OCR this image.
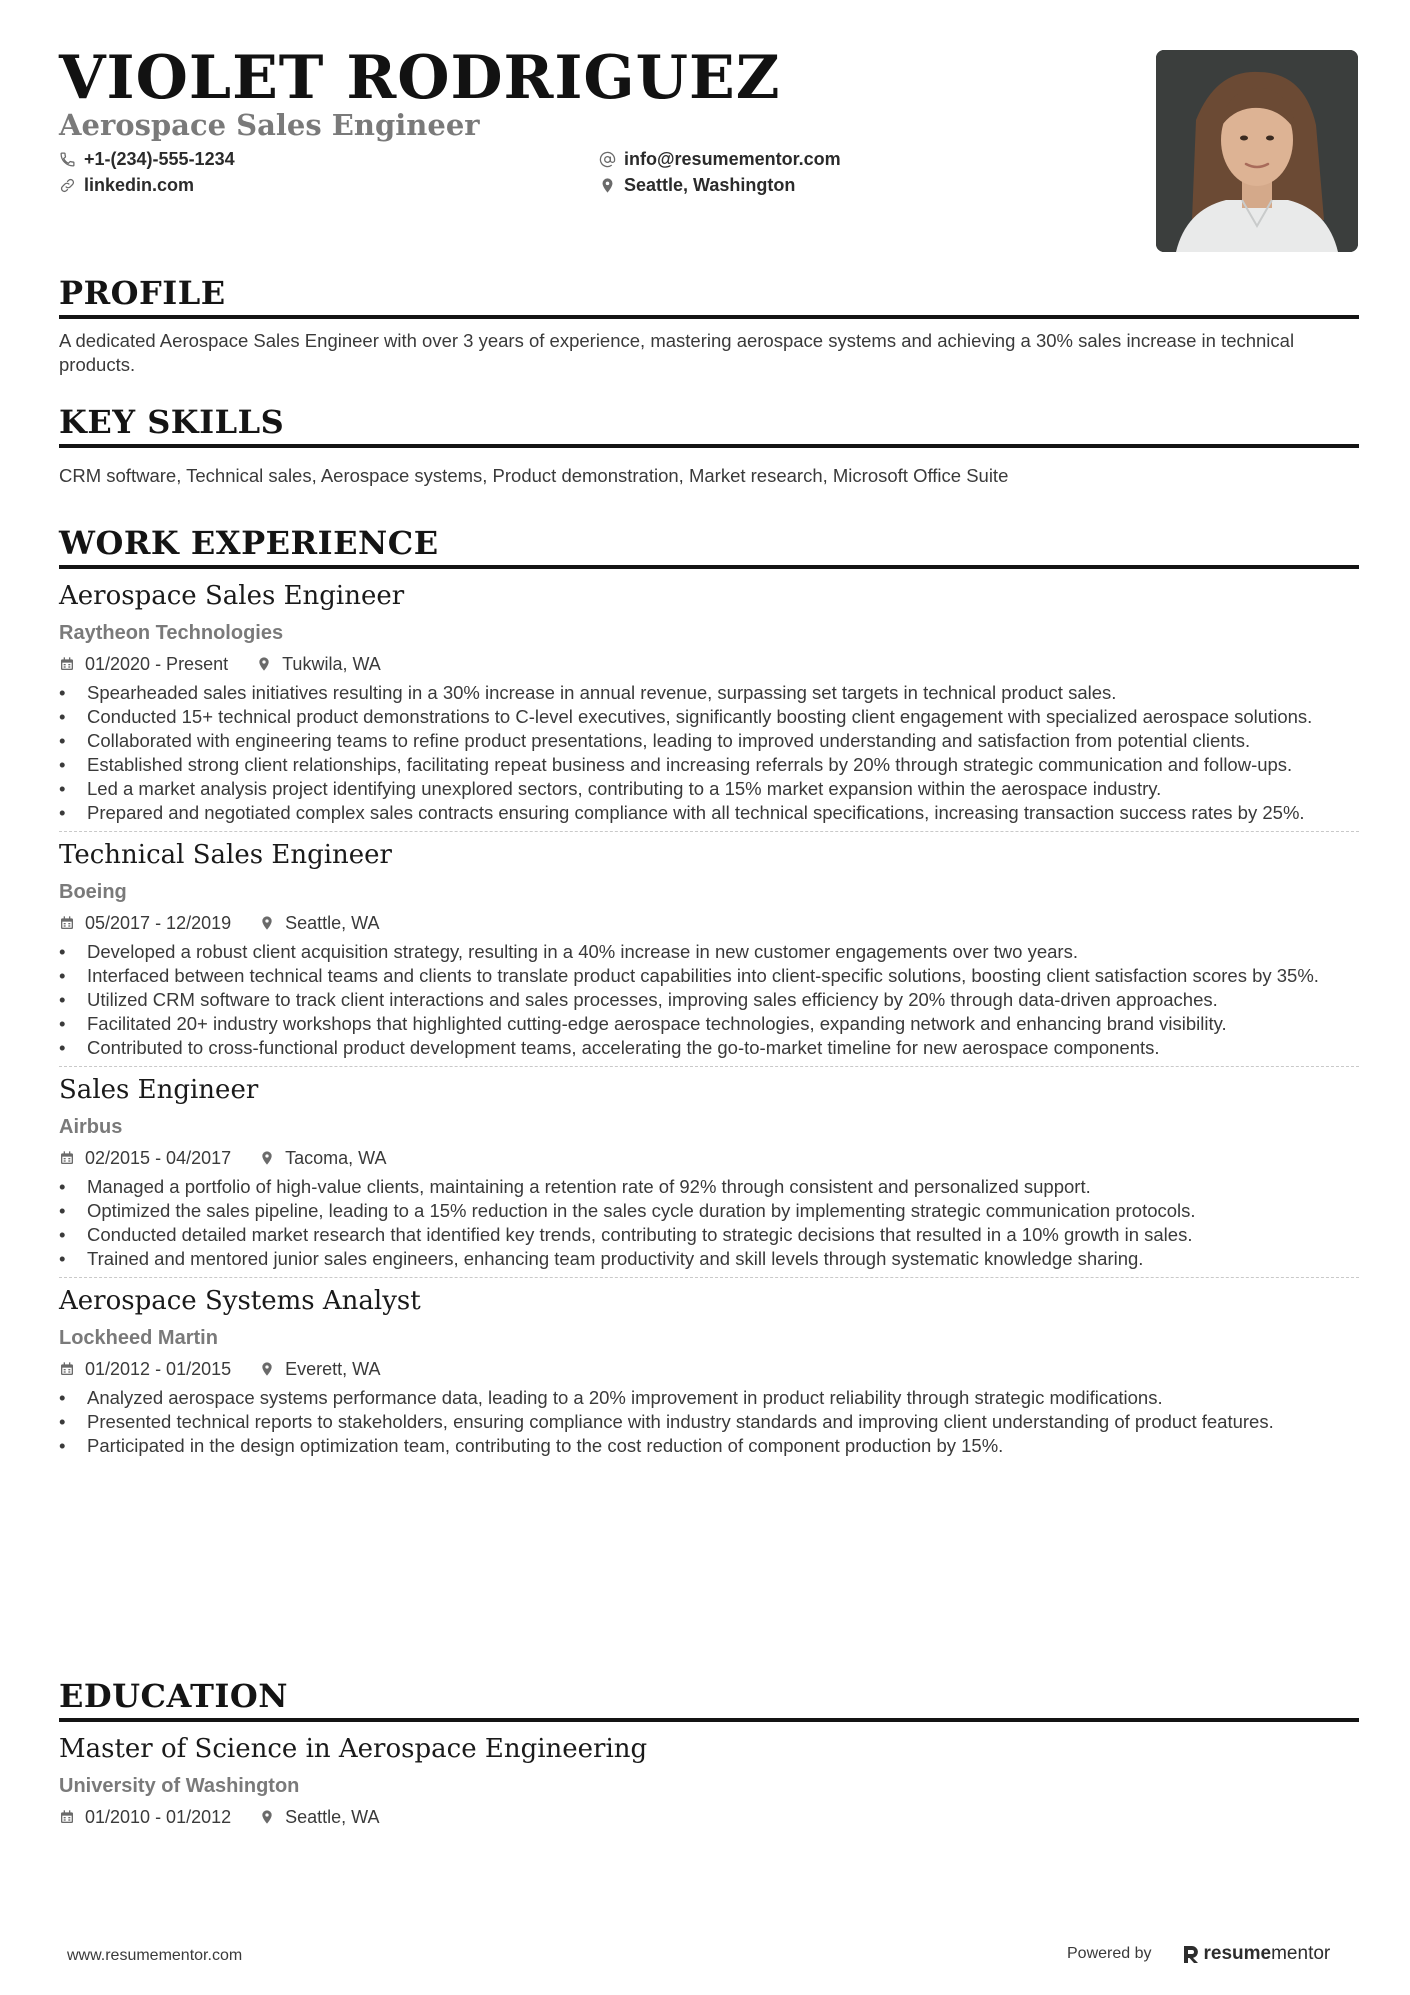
VIOLET RODRIGUEZ
Aerospace Sales Engineer
+1-(234)-555-1234	info@resumementor.com
linkedin.com	Seattle, Washington
PROFILE
A dedicated Aerospace Sales Engineer with over 3 years of experience, mastering aerospace systems and achieving a 30% sales increase in technical products.
KEY SKILLS
CRM software, Technical sales, Aerospace systems, Product demonstration, Market research, Microsoft Office Suite
WORK EXPERIENCE
Aerospace Sales Engineer
Raytheon Technologies
01/2020 - Present	Tukwila, WA
• Spearheaded sales initiatives resulting in a 30% increase in annual revenue, surpassing set targets in technical product sales.
• Conducted 15+ technical product demonstrations to C-level executives, significantly boosting client engagement with specialized aerospace solutions.
• Collaborated with engineering teams to refine product presentations, leading to improved understanding and satisfaction from potential clients.
• Established strong client relationships, facilitating repeat business and increasing referrals by 20% through strategic communication and follow-ups.
• Led a market analysis project identifying unexplored sectors, contributing to a 15% market expansion within the aerospace industry.
• Prepared and negotiated complex sales contracts ensuring compliance with all technical specifications, increasing transaction success rates by 25%.
Technical Sales Engineer
Boeing
05/2017 - 12/2019	Seattle, WA
• Developed a robust client acquisition strategy, resulting in a 40% increase in new customer engagements over two years.
• Interfaced between technical teams and clients to translate product capabilities into client-specific solutions, boosting client satisfaction scores by 35%.
• Utilized CRM software to track client interactions and sales processes, improving sales efficiency by 20% through data-driven approaches.
• Facilitated 20+ industry workshops that highlighted cutting-edge aerospace technologies, expanding network and enhancing brand visibility.
• Contributed to cross-functional product development teams, accelerating the go-to-market timeline for new aerospace components.
Sales Engineer
Airbus
02/2015 - 04/2017	Tacoma, WA
• Managed a portfolio of high-value clients, maintaining a retention rate of 92% through consistent and personalized support.
• Optimized the sales pipeline, leading to a 15% reduction in the sales cycle duration by implementing strategic communication protocols.
• Conducted detailed market research that identified key trends, contributing to strategic decisions that resulted in a 10% growth in sales.
• Trained and mentored junior sales engineers, enhancing team productivity and skill levels through systematic knowledge sharing.
Aerospace Systems Analyst
Lockheed Martin
01/2012 - 01/2015	Everett, WA
• Analyzed aerospace systems performance data, leading to a 20% improvement in product reliability through strategic modifications.
• Presented technical reports to stakeholders, ensuring compliance with industry standards and improving client understanding of product features.
• Participated in the design optimization team, contributing to the cost reduction of component production by 15%.
EDUCATION
Master of Science in Aerospace Engineering
University of Washington
01/2010 - 01/2012	Seattle, WA
www.resumementor.com	Powered by	resumementor
